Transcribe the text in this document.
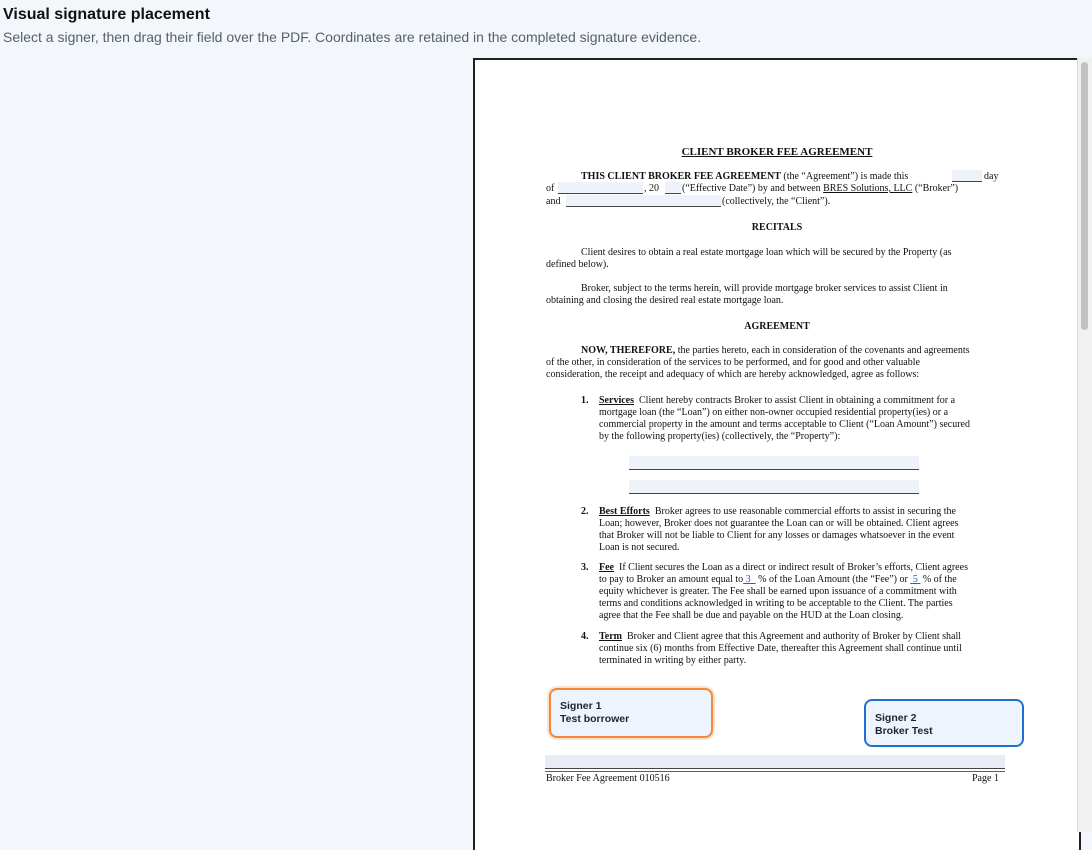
Visual signature placement
Select a signer, then drag their field over the PDF. Coordinates are retained in the completed signature evidence.
CLIENT BROKER FEE AGREEMENT
THIS CLIENT BROKER FEE AGREEMENT (the “Agreement”) is made this	day
of	, 20 (“Effective Date”) by and between BRES Solutions, LLC (“Broker”)
and	(collectively, the “Client”).
RECITALS
Client desires to obtain a real estate mortgage loan which will be secured by the Property (as
defined below).
Broker, subject to the terms herein, will provide mortgage broker services to assist Client in
obtaining and closing the desired real estate mortgage loan.
AGREEMENT
NOW, THEREFORE, the parties hereto, each in consideration of the covenants and agreements
of the other, in consideration of the services to be performed, and for good and other valuable
consideration, the receipt and adequacy of which are hereby acknowledged, agree as follows:
1. Services Client hereby contracts Broker to assist Client in obtaining a commitment for a
mortgage loan (the “Loan”) on either non-owner occupied residential property(ies) or a
commercial property in the amount and terms acceptable to Client (“Loan Amount”) secured
by the following property(ies) (collectively, the “Property”):
2. Best Efforts Broker agrees to use reasonable commercial efforts to assist in securing the
Loan; however, Broker does not guarantee the Loan can or will be obtained. Client agrees
that Broker will not be liable to Client for any losses or damages whatsoever in the event
Loan is not secured.
3. Fee If Client secures the Loan as a direct or indirect result of Broker’s efforts, Client agrees
to pay to Broker an amount equal to 3 % of the Loan Amount (the “Fee”) or 5 % of the
equity whichever is greater. The Fee shall be earned upon issuance of a commitment with
terms and conditions acknowledged in writing to be acceptable to the Client. The parties
agree that the Fee shall be due and payable on the HUD at the Loan closing.
4. Term Broker and Client agree that this Agreement and authority of Broker by Client shall
continue six (6) months from Effective Date, thereafter this Agreement shall continue until
terminated in writing by either party.
Broker Fee Agreement 010516	Page 1
Signer 1
Test borrower	Signer 2
Broker Test
